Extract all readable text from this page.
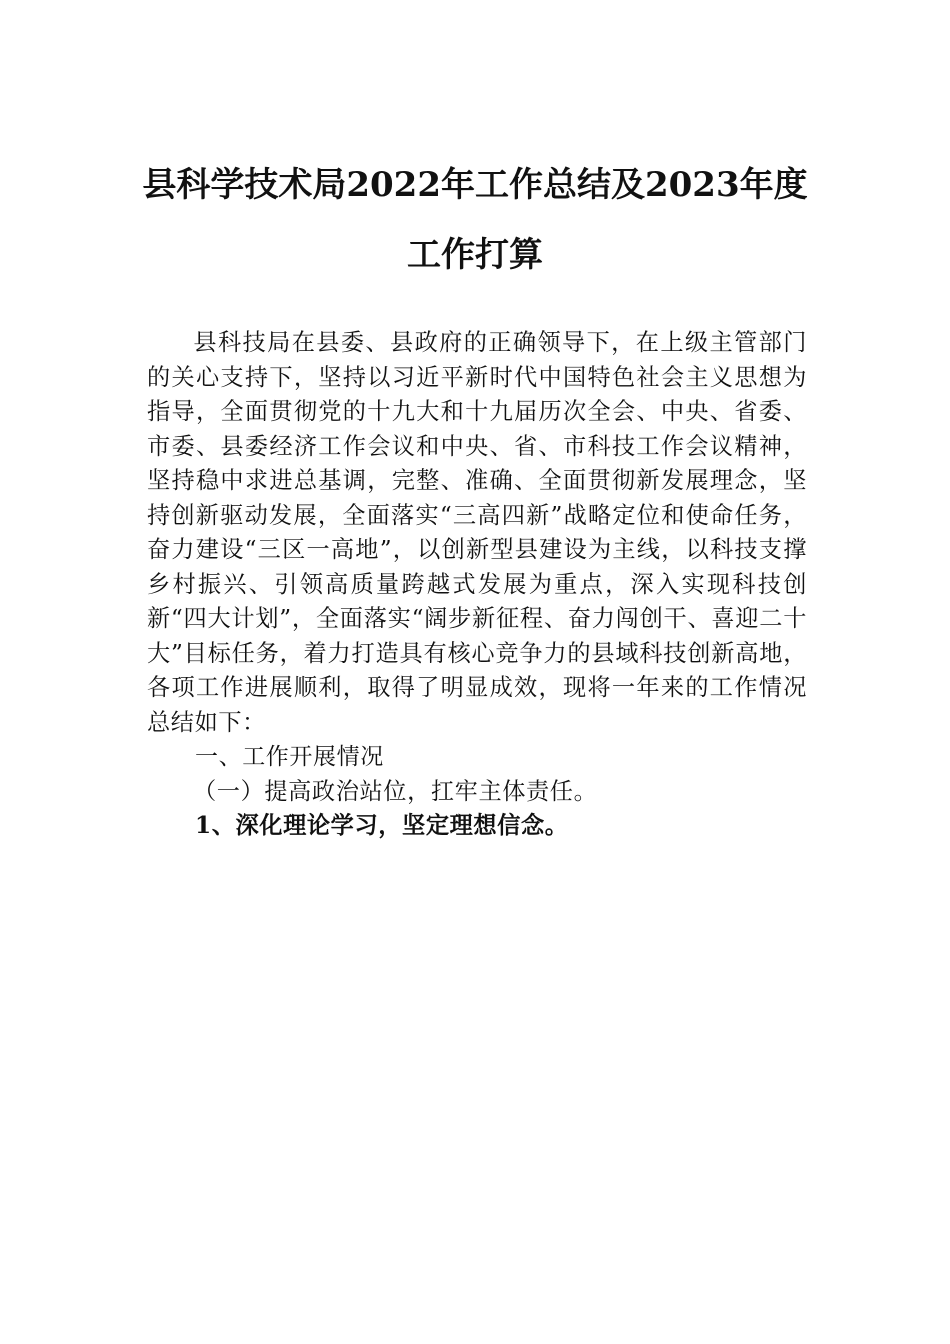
县科学技术局2022年工作总结及2023年度
工作打算

县科技局在县委、县政府的正确领导下，在上级主管部门的关心支持下，坚持以习近平新时代中国特色社会主义思想为指导，全面贯彻党的十九大和十九届历次全会、中央、省委、市委、县委经济工作会议和中央、省、市科技工作会议精神，坚持稳中求进总基调，完整、准确、全面贯彻新发展理念，坚持创新驱动发展，全面落实“三高四新”战略定位和使命任务，奋力建设“三区一高地”，以创新型县建设为主线，以科技支撑乡村振兴、引领高质量跨越式发展为重点，深入实现科技创新“四大计划”，全面落实“阔步新征程、奋力闯创干、喜迎二十大”目标任务，着力打造具有核心竞争力的县域科技创新高地，各项工作进展顺利，取得了明显成效，现将一年来的工作情况总结如下：

一、工作开展情况

（一）提高政治站位，扛牢主体责任。

1、深化理论学习，坚定理想信念。
